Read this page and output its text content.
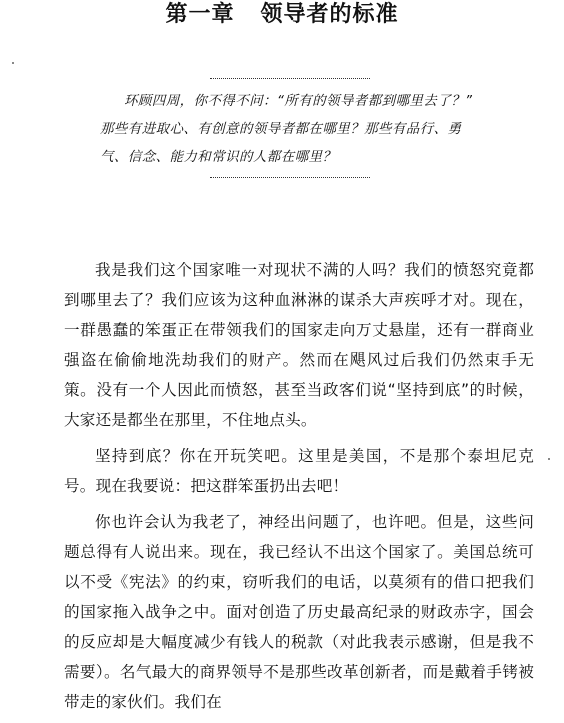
第一章 领导者的标准
环顾四周，你不得不问：“所有的领导者都到哪里去了？”
那些有进取心、有创意的领导者都在哪里？那些有品行、勇
气、信念、能力和常识的人都在哪里？

我是我们这个国家唯一对现状不满的人吗？我们的愤怒究竟都到哪里去了？我们应该为这种血淋淋的谋杀大声疾呼才对。现在，一群愚蠢的笨蛋正在带领我们的国家走向万丈悬崖，还有一群商业强盗在偷偷地洗劫我们的财产。然而在飓风过后我们仍然束手无策。没有一个人因此而愤怒，甚至当政客们说“坚持到底”的时候，大家还是都坐在那里，不住地点头。

坚持到底？你在开玩笑吧。这里是美国，不是那个泰坦尼克号。现在我要说：把这群笨蛋扔出去吧！

你也许会认为我老了，神经出问题了，也许吧。但是，这些问题总得有人说出来。现在，我已经认不出这个国家了。美国总统可以不受《宪法》的约束，窃听我们的电话，以莫须有的借口把我们的国家拖入战争之中。面对创造了历史最高纪录的财政赤字，国会的反应却是大幅度减少有钱人的税款（对此我表示感谢，但是我不需要）。名气最大的商界领导不是那些改革创新者，而是戴着手铐被带走的家伙们。我们在
